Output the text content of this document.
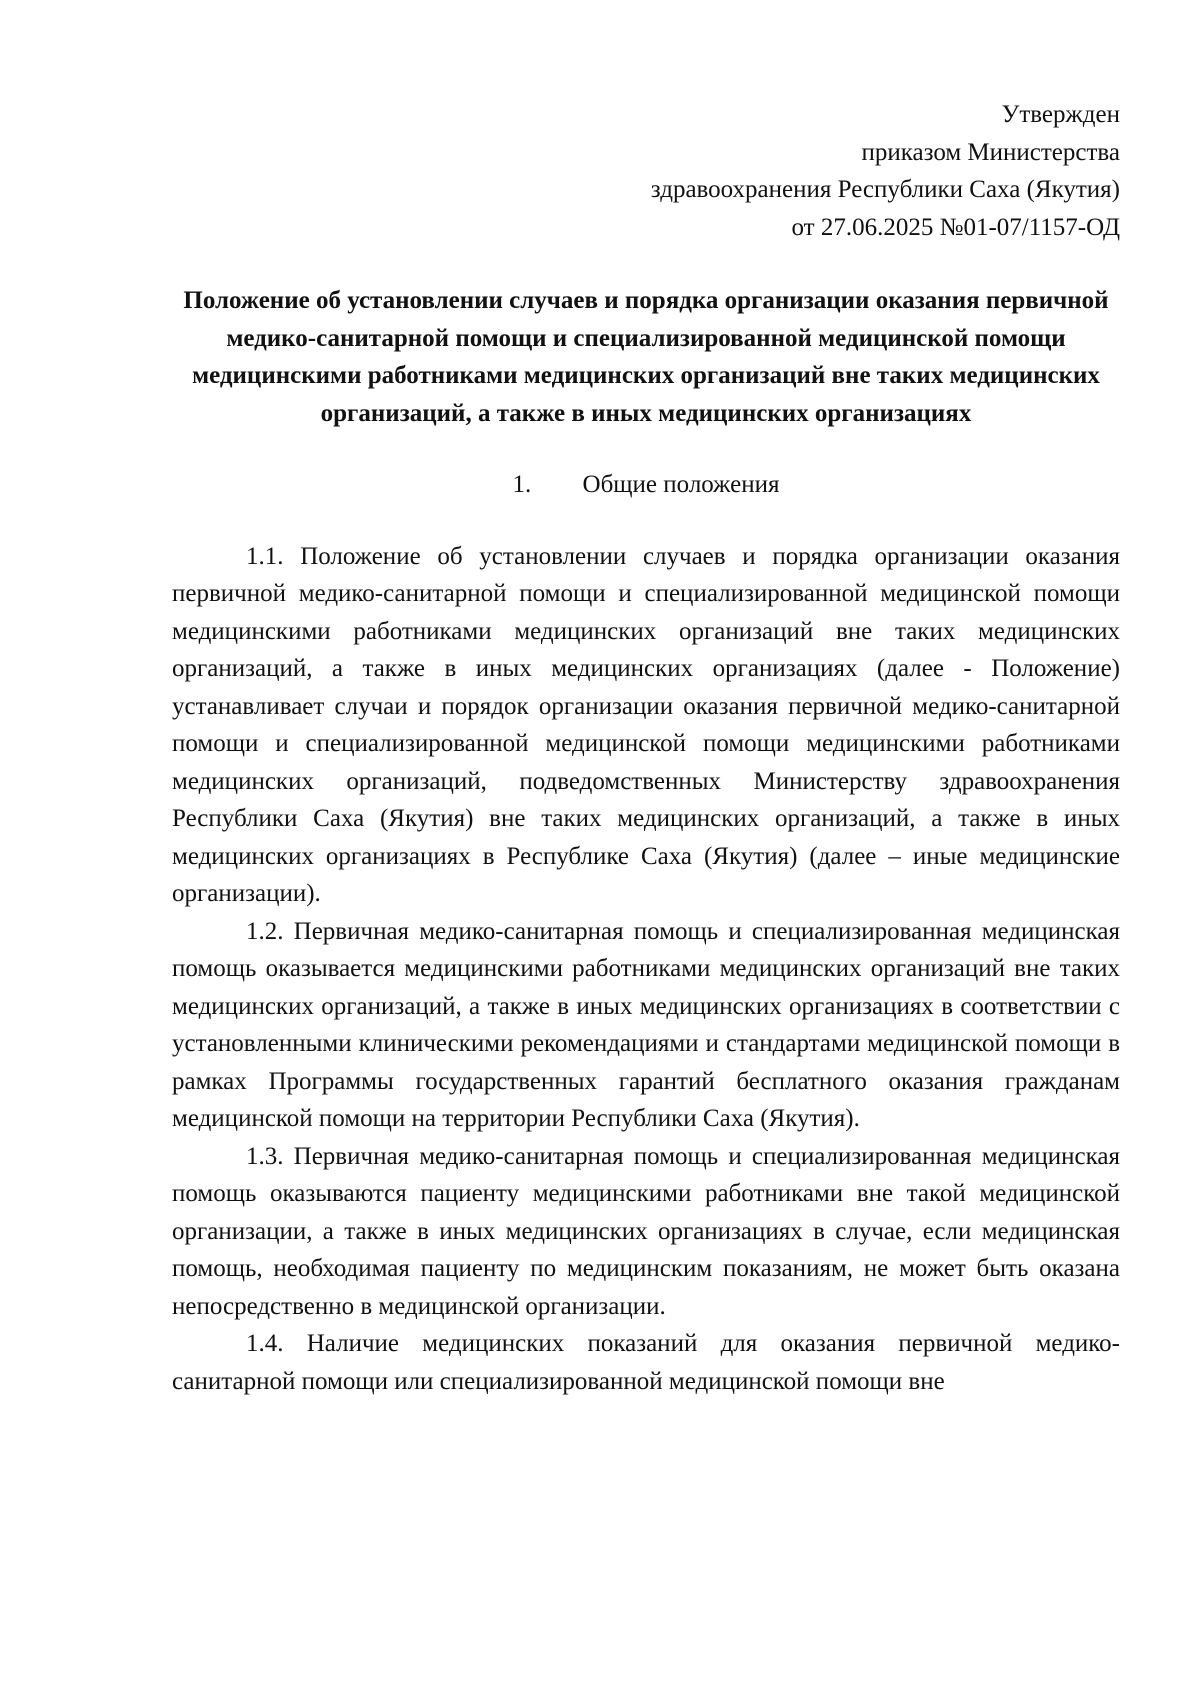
Утвержден
приказом Министерства
здравоохранения Республики Саха (Якутия)
от 27.06.2025 №01-07/1157-ОД
Положение об установлении случаев и порядка организации оказания первичной медико-санитарной помощи и специализированной медицинской помощи медицинскими работниками медицинских организаций вне таких медицинских организаций, а также в иных медицинских организациях
1. Общие положения

1.1. Положение об установлении случаев и порядка организации оказания первичной медико-санитарной помощи и специализированной медицинской помощи медицинскими работниками медицинских организаций вне таких медицинских организаций, а также в иных медицинских организациях (далее - Положение) устанавливает случаи и порядок организации оказания первичной медико-санитарной помощи и специализированной медицинской помощи медицинскими работниками медицинских организаций, подведомственных Министерству здравоохранения Республики Саха (Якутия) вне таких медицинских организаций, а также в иных медицинских организациях в Республике Саха (Якутия) (далее – иные медицинские организации).

1.2. Первичная медико-санитарная помощь и специализированная медицинская помощь оказывается медицинскими работниками медицинских организаций вне таких медицинских организаций, а также в иных медицинских организациях в соответствии с установленными клиническими рекомендациями и стандартами медицинской помощи в рамках Программы государственных гарантий бесплатного оказания гражданам медицинской помощи на территории Республики Саха (Якутия).

1.3. Первичная медико-санитарная помощь и специализированная медицинская помощь оказываются пациенту медицинскими работниками вне такой медицинской организации, а также в иных медицинских организациях в случае, если медицинская помощь, необходимая пациенту по медицинским показаниям, не может быть оказана непосредственно в медицинской организации.

1.4. Наличие медицинских показаний для оказания первичной медико-санитарной помощи или специализированной медицинской помощи вне
